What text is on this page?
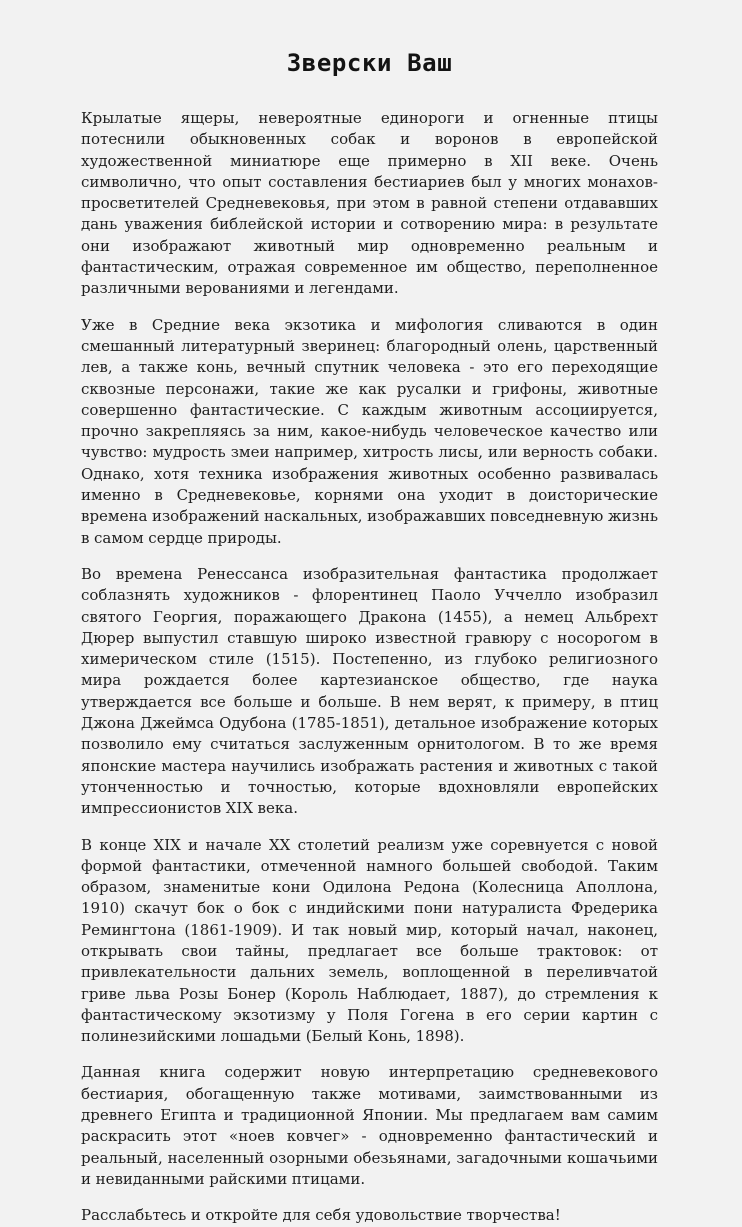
Зверски Ваш

Крылатые ящеры, невероятные единороги и огненные птицы потеснили обыкновенных собак и воронов в европейской художественной миниатюре еще примерно в XII веке. Очень символично, что опыт составления бестиариев был у многих монахов-просветителей Средневековья, при этом в равной степени отдававших дань уважения библейской истории и сотворению мира: в результате они изображают животный мир одновременно реальным и фантастическим, отражая современное им общество, переполненное различными верованиями и легендами.

Уже в Средние века экзотика и мифология сливаются в один смешанный литературный зверинец: благородный олень, царственный лев, а также конь, вечный спутник человека - это его переходящие сквозные персонажи, такие же как русалки и грифоны, животные совершенно фантастические. С каждым животным ассоциируется, прочно закрепляясь за ним, какое-нибудь человеческое качество или чувство: мудрость змеи например, хитрость лисы, или верность собаки. Однако, хотя техника изображения животных особенно развивалась именно в Средневековье, корнями она уходит в доисторические времена изображений наскальных, изображавших повседневную жизнь в самом сердце природы.

Во времена Ренессанса изобразительная фантастика продолжает соблазнять художников - флорентинец Паоло Уччелло изобразил святого Георгия, поражающего Дракона (1455), а немец Альбрехт Дюрер выпустил ставшую широко известной гравюру с носорогом в химерическом стиле (1515). Постепенно, из глубоко религиозного мира рождается более картезианское общество, где наука утверждается все больше и больше. В нем верят, к примеру, в птиц Джона Джеймса Одубона (1785-1851), детальное изображение которых позволило ему считаться заслуженным орнитологом. В то же время японские мастера научились изображать растения и животных с такой утонченностью и точностью, которые вдохновляли европейских импрессионистов XIX века.

В конце XIX и начале XX столетий реализм уже соревнуется с новой формой фантастики, отмеченной намного большей свободой. Таким образом, знаменитые кони Одилона Редона (Колесница Аполлона, 1910) скачут бок о бок с индийскими пони натуралиста Фредерика Ремингтона (1861-1909). И так новый мир, который начал, наконец, открывать свои тайны, предлагает все больше трактовок: от привлекательности дальних земель, воплощенной в переливчатой гриве льва Розы Бонер (Король Наблюдает, 1887), до стремления к фантастическому экзотизму у Поля Гогена в его серии картин с полинезийскими лошадьми (Белый Конь, 1898).

Данная книга содержит новую интерпретацию средневекового бестиария, обогащенную также мотивами, заимствованными из древнего Египта и традиционной Японии. Мы предлагаем вам самим раскрасить этот «ноев ковчег» - одновременно фантастический и реальный, населенный озорными обезьянами, загадочными кошачьими и невиданными райскими птицами.

Расслабьтесь и откройте для себя удовольствие творчества!
